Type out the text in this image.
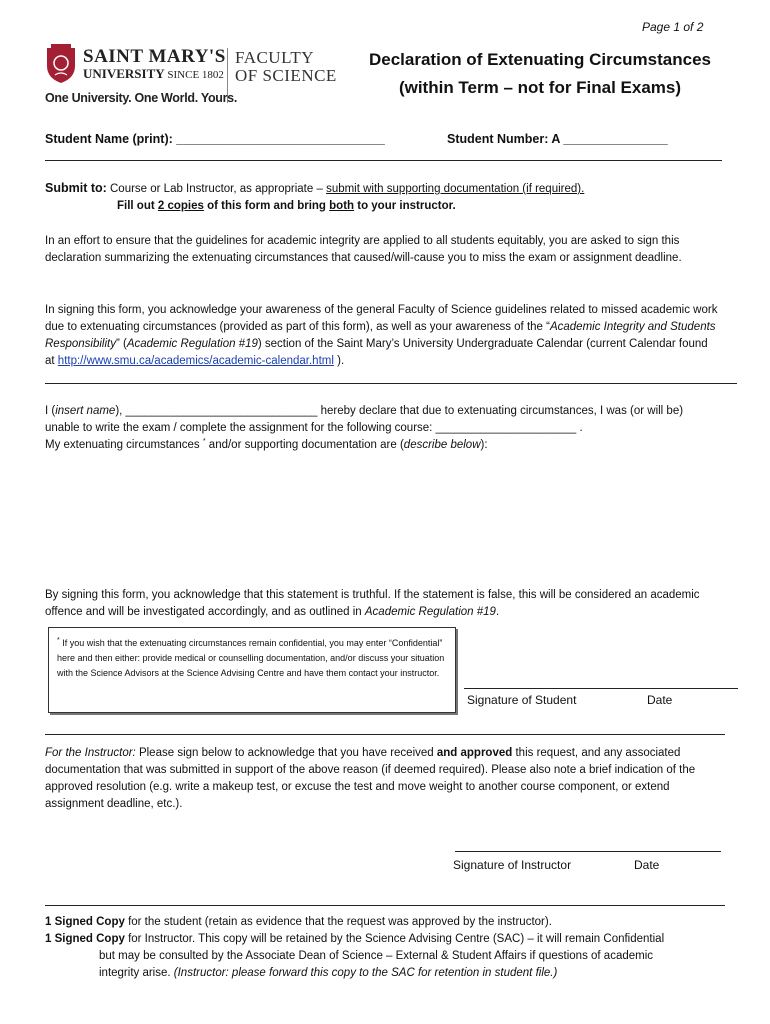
Page 1 of 2
SAINT MARY'S
UNIVERSITY SINCE 1802
FACULTY
OF SCIENCE
One University. One World. Yours.
Declaration of Extenuating Circumstances
(within Term – not for Final Exams)
Student Name (print): ______________________________	Student Number: A _______________
Submit to: Course or Lab Instructor, as appropriate – submit with supporting documentation (if required).
Fill out 2 copies of this form and bring both to your instructor.
In an effort to ensure that the guidelines for academic integrity are applied to all students equitably, you are asked to sign this declaration summarizing the extenuating circumstances that caused/will-cause you to miss the exam or assignment deadline.
In signing this form, you acknowledge your awareness of the general Faculty of Science guidelines related to missed academic work due to extenuating circumstances (provided as part of this form), as well as your awareness of the “Academic Integrity and Students Responsibility” (Academic Regulation #19) section of the Saint Mary’s University Undergraduate Calendar (current Calendar found at http://www.smu.ca/academics/academic-calendar.html ).
I (insert name), ______________________________ hereby declare that due to extenuating circumstances, I was (or will be) unable to write the exam / complete the assignment for the following course: ______________________ .
My extenuating circumstances * and/or supporting documentation are (describe below):
By signing this form, you acknowledge that this statement is truthful. If the statement is false, this will be considered an academic offence and will be investigated accordingly, and as outlined in Academic Regulation #19.
* If you wish that the extenuating circumstances remain confidential, you may enter “Confidential” here and then either: provide medical or counselling documentation, and/or discuss your situation with the Science Advisors at the Science Advising Centre and have them contact your instructor.
Signature of Student	Date
For the Instructor: Please sign below to acknowledge that you have received and approved this request, and any associated documentation that was submitted in support of the above reason (if deemed required). Please also note a brief indication of the approved resolution (e.g. write a makeup test, or excuse the test and move weight to another course component, or extend assignment deadline, etc.).
Signature of Instructor	Date
1 Signed Copy for the student (retain as evidence that the request was approved by the instructor).
1 Signed Copy for Instructor. This copy will be retained by the Science Advising Centre (SAC) – it will remain Confidential
but may be consulted by the Associate Dean of Science – External & Student Affairs if questions of academic
integrity arise. (Instructor: please forward this copy to the SAC for retention in student file.)
